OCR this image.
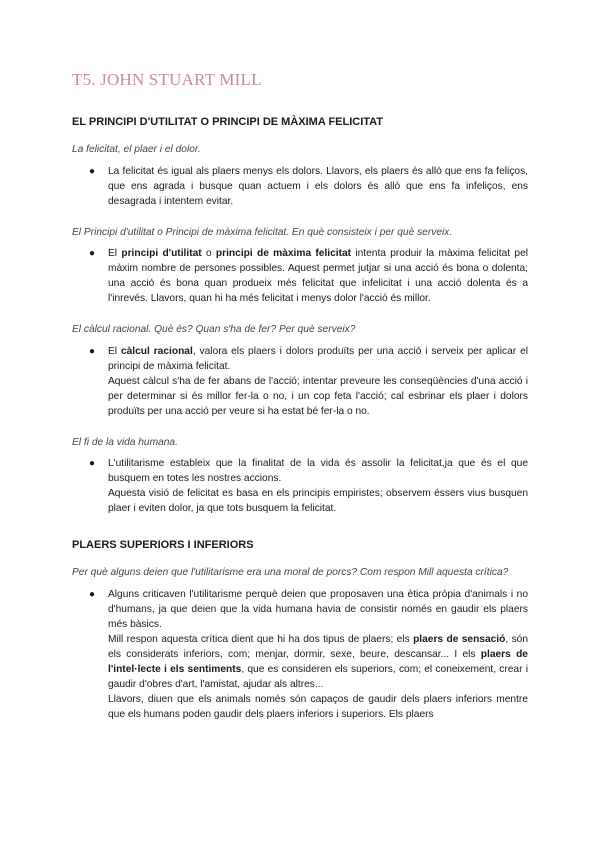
T5. JOHN STUART MILL
EL PRINCIPI D'UTILITAT O PRINCIPI DE MÀXIMA FELICITAT

La felicitat, el plaer i el dolor.

● La felicitat és igual als plaers menys els dolors. Llavors, els plaers és allò que ens fa feliços, que ens agrada i busque quan actuem i els dolors és allò que ens fa infeliços, ens desagrada i intentem evitar.

El Principi d'utilitat o Principi de màxima felicitat. En què consisteix i per què serveix.

● El principi d'utilitat o principi de màxima felicitat intenta produir la màxima felicitat pel màxim nombre de persones possibles. Aquest permet jutjar si una acció és bona o dolenta; una acció és bona quan produeix més felicitat que infelicitat i una acció dolenta és a l'inrevés. Llavors, quan hi ha més felicitat i menys dolor l'acció és millor.

El càlcul racional. Què és? Quan s'ha de fer? Per què serveix?

● El càlcul racional, valora els plaers i dolors produïts per una acció i serveix per aplicar el principi de màxima felicitat.

Aquest càlcul s'ha de fer abans de l'acció; intentar preveure les conseqüències d'una acció i per determinar si és millor fer-la o no, i un cop feta l'acció; cal esbrinar els plaer i dolors produïts per una acció per veure si ha estat bé fer-la o no.

El fi de la vida humana.

● L'utilitarisme estableix que la finalitat de la vida és assolir la felicitat,ja que és el que busquem en totes les nostres accions.

Aquesta visió de felicitat es basa en els principis empiristes; observem éssers vius busquen plaer i eviten dolor, ja que tots busquem la felicitat.

PLAERS SUPERIORS I INFERIORS

Per què alguns deien que l'utilitarisme era una moral de porcs? Com respon Mill aquesta crítica?

● Alguns criticaven l'utilitarisme perquè deien que proposaven una ètica pròpia d'animals i no d'humans, ja que deien que la vida humana havia de consistir només en gaudir els plaers més bàsics.

Mill respon aquesta crítica dient que hi ha dos tipus de plaers; els plaers de sensació, són els considerats inferiors, com; menjar, dormir, sexe, beure, descansar... I els plaers de l'intel·lecte i els sentiments, que es consideren els superiors, com; el coneixement, crear i gaudir d'obres d'art, l'amistat, ajudar als altres...

Llavors, diuen que els animals només són capaços de gaudir dels plaers inferiors mentre que els humans poden gaudir dels plaers inferiors i superiors. Els plaers
